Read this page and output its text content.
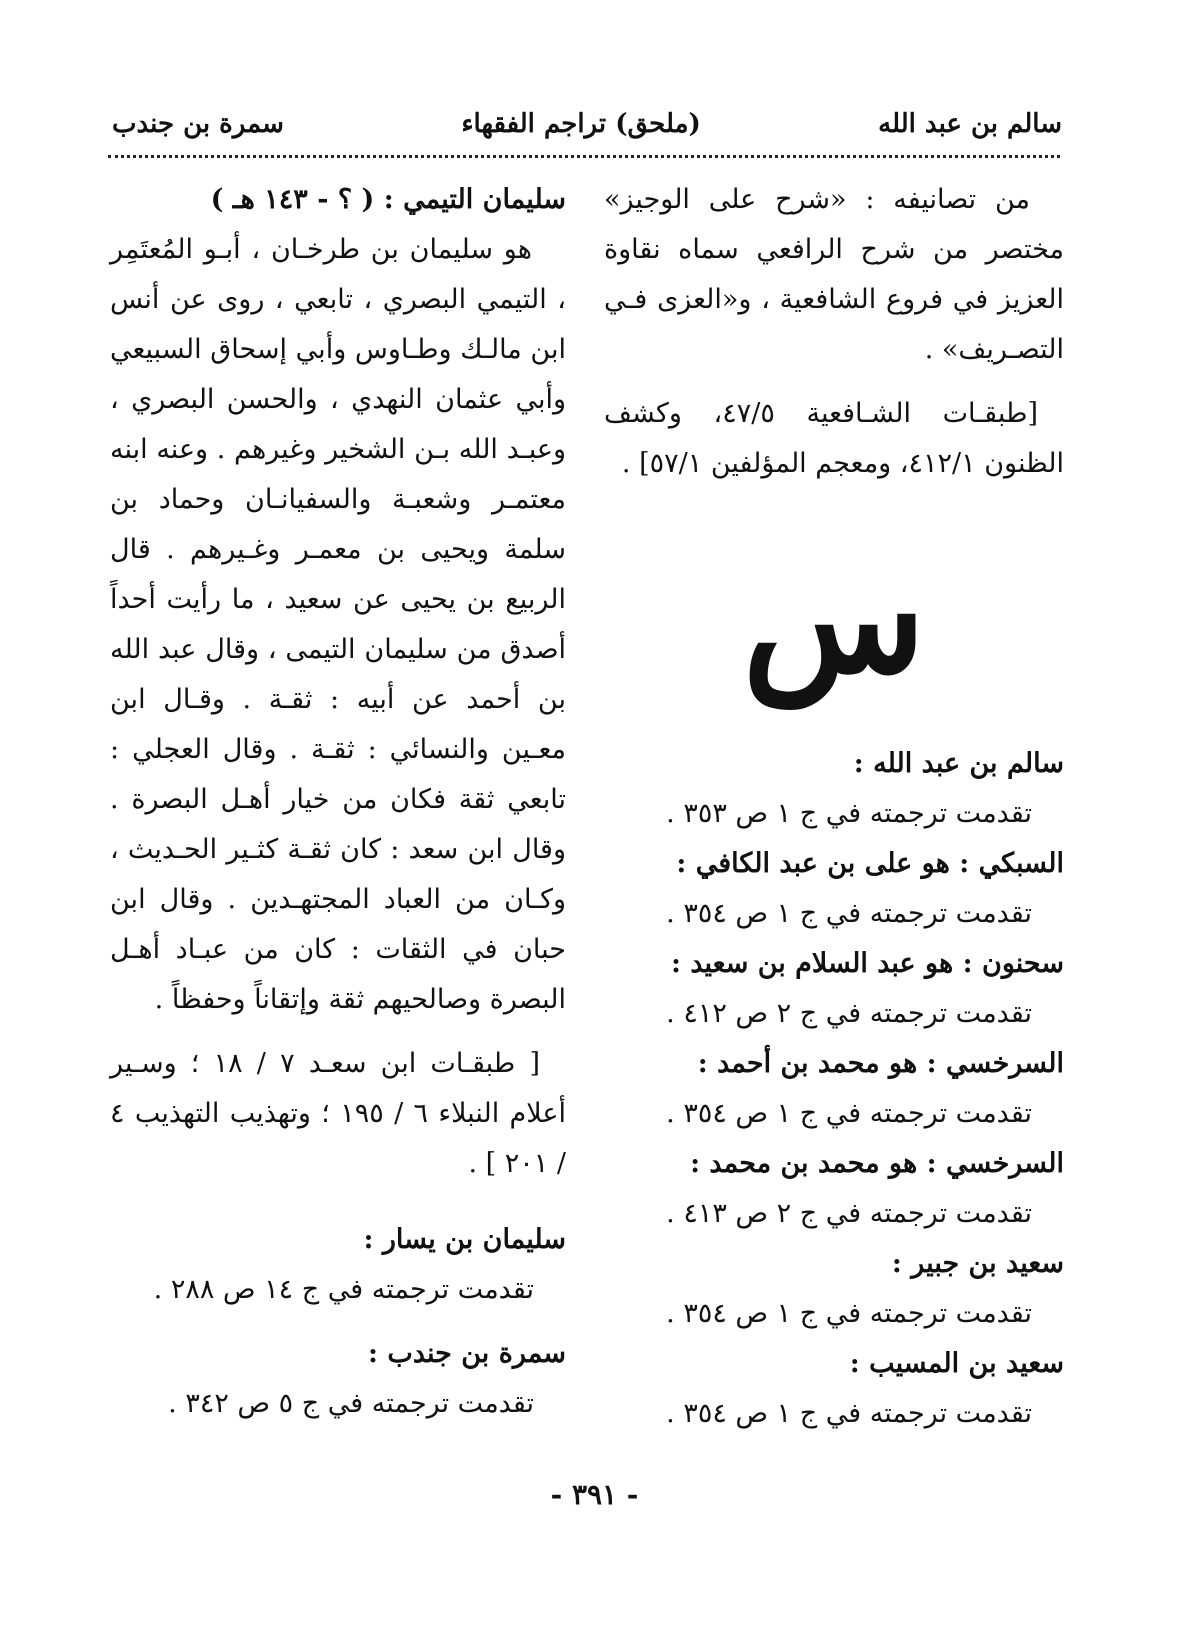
سالم بن عبد الله
(ملحق) تراجم الفقهاء
سمرة بن جندب

من تصانيفه : «شرح على الوجيز» مختصر من شرح الرافعي سماه نقاوة العزيز في فروع الشافعية ، و«العزى فـي التصـريف» .

[طبقـات الشـافعية ٤٧/٥، وكشف الظنون ٤١٢/١، ومعجم المؤلفين ٥٧/١] .

س

سالم بن عبد الله :

تقدمت ترجمته في ج ١ ص ٣٥٣ .

السبكي : هو على بن عبد الكافي :

تقدمت ترجمته في ج ١ ص ٣٥٤ .

سحنون : هو عبد السلام بن سعيد :

تقدمت ترجمته في ج ٢ ص ٤١٢ .

السرخسي : هو محمد بن أحمد :

تقدمت ترجمته في ج ١ ص ٣٥٤ .

السرخسي : هو محمد بن محمد :

تقدمت ترجمته في ج ٢ ص ٤١٣ .

سعيد بن جبير :

تقدمت ترجمته في ج ١ ص ٣٥٤ .

سعيد بن المسيب :

تقدمت ترجمته في ج ١ ص ٣٥٤ .

سليمان التيمي : ( ؟ - ١٤٣ هـ )

هو سليمان بن طرخـان ، أبـو المُعتَمِر ، التيمي البصري ، تابعي ، روى عن أنس ابن مالـك وطـاوس وأبي إسحاق السبيعي وأبي عثمان النهدي ، والحسن البصري ، وعبـد الله بـن الشخير وغيرهم . وعنه ابنه معتمـر وشعبـة والسفيانـان وحماد بن سلمة ويحيى بن معمـر وغـيرهم . قال الربيع بن يحيى عن سعيد ، ما رأيت أحداً أصدق من سليمان التيمى ، وقال عبد الله بن أحمد عن أبيه : ثقـة . وقـال ابن معـين والنسائي : ثقـة . وقال العجلي : تابعي ثقة فكان من خيار أهـل البصرة . وقال ابن سعد : كان ثقـة كثـير الحـديث ، وكـان من العباد المجتهـدين . وقال ابن حبان في الثقات : كان من عبـاد أهـل البصرة وصالحيهم ثقة وإتقاناً وحفظاً .

[ طبقـات ابن سعـد ٧ / ١٨ ؛ وسـير أعلام النبلاء ٦ / ١٩٥ ؛ وتهذيب التهذيب ٤ / ٢٠١ ] .

سليمان بن يسار :

تقدمت ترجمته في ج ١٤ ص ٢٨٨ .

سمرة بن جندب :

تقدمت ترجمته في ج ٥ ص ٣٤٢ .

- ٣٩١ -
